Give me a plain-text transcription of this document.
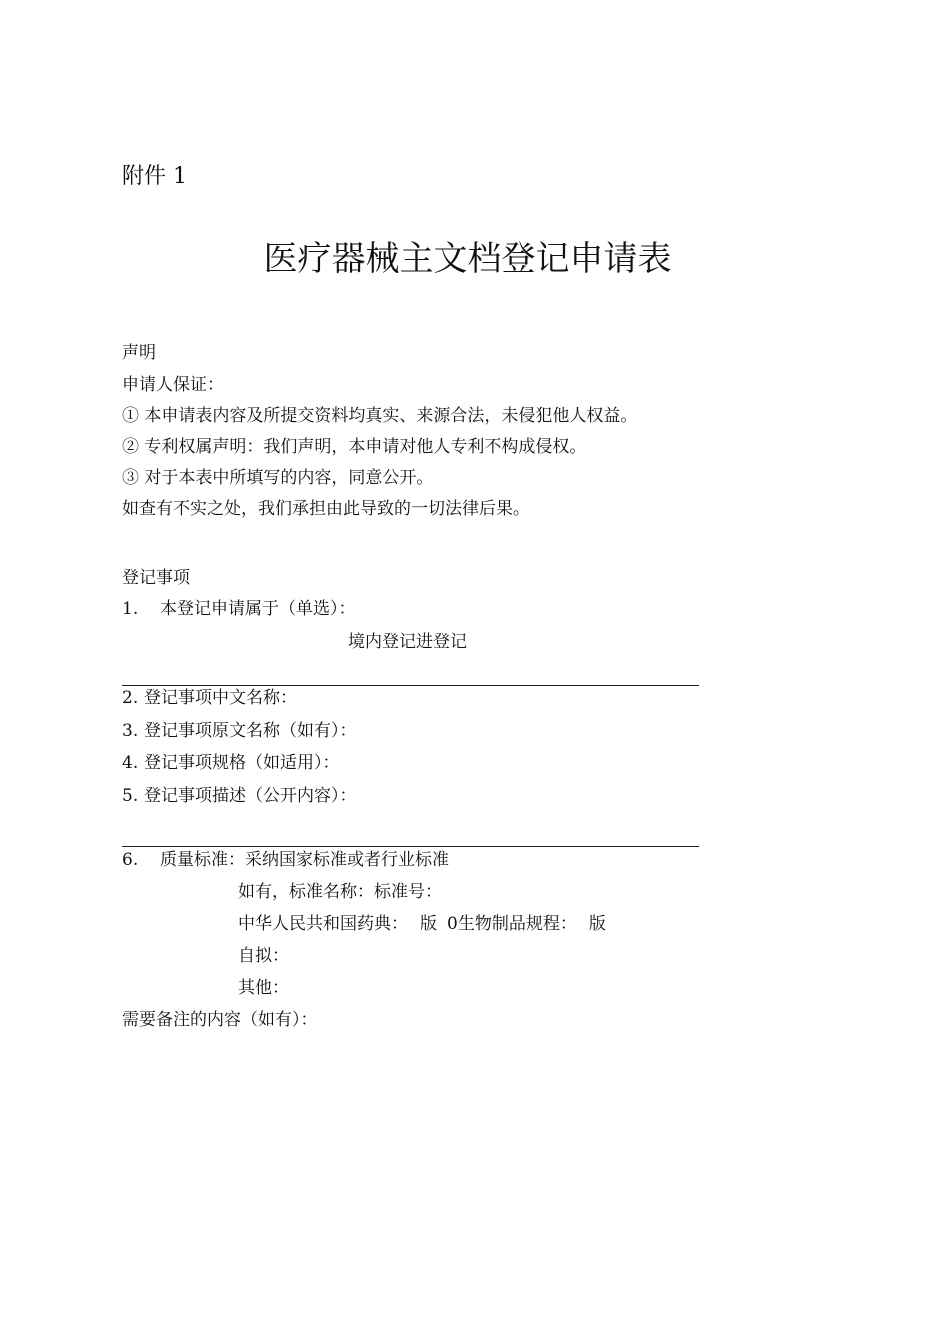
附件 1
医疗器械主文档登记申请表
声明
申请人保证：
① 本申请表内容及所提交资料均真实、来源合法，未侵犯他人权益。
② 专利权属声明：我们声明，本申请对他人专利不构成侵权。
③ 对于本表中所填写的内容，同意公开。
如查有不实之处，我们承担由此导致的一切法律后果。
登记事项
1. 本登记申请属于（单选）：
境内登记进登记
2. 登记事项中文名称：
3. 登记事项原文名称（如有）：
4. 登记事项规格（如适用）：
5. 登记事项描述（公开内容）：
6. 质量标准：采纳国家标准或者行业标准
如有，标准名称：标准号：
中华人民共和国药典： 版 0生物制品规程： 版
自拟：
其他：
需要备注的内容（如有）：
